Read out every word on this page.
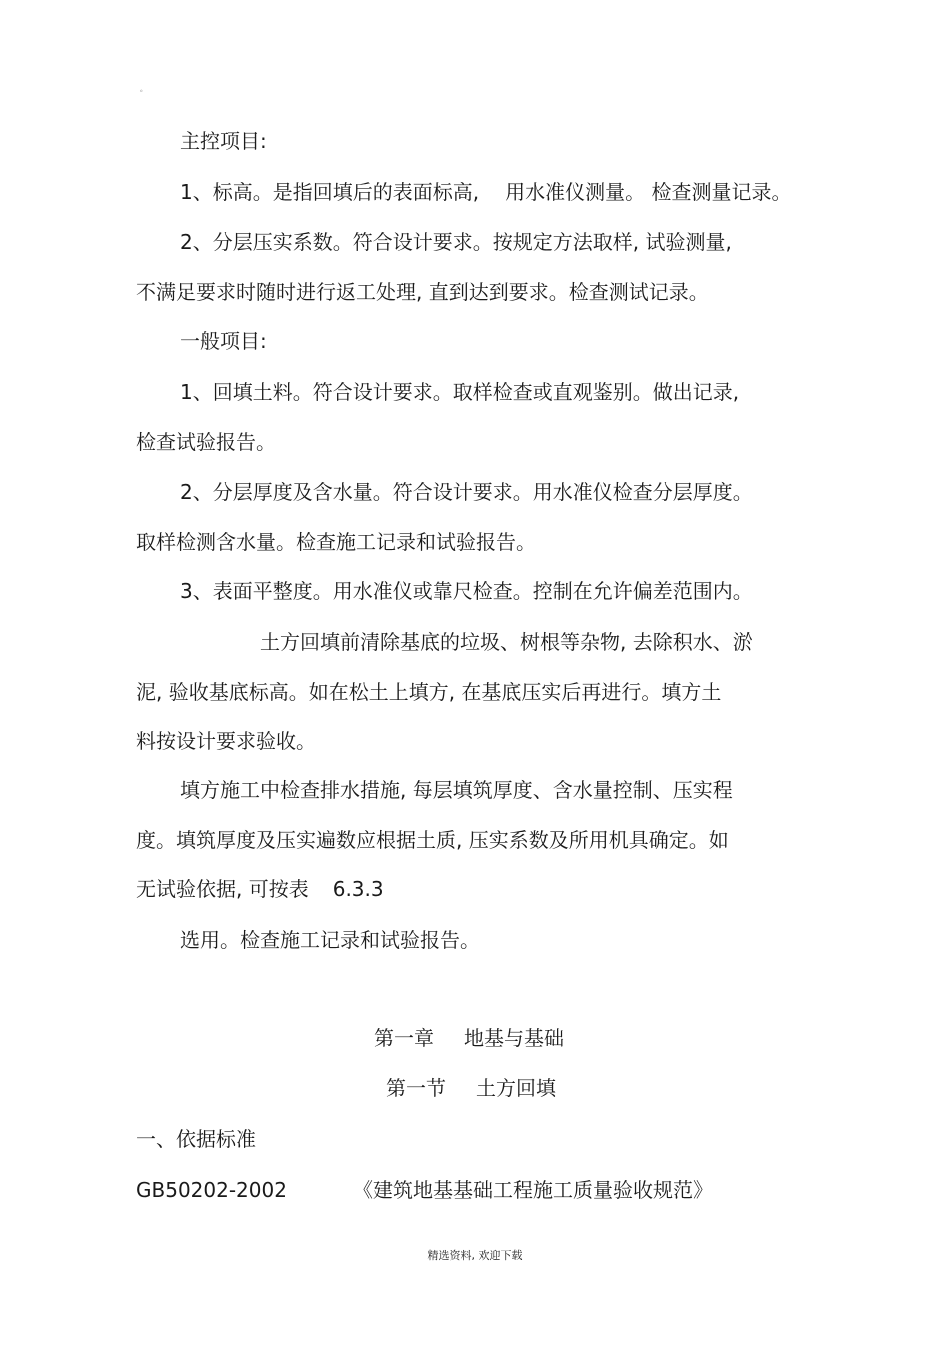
。
主控项目:
1、标高。是指回填后的表面标高, 用水准仪测量。 检查测量记录。
2、分层压实系数。符合设计要求。按规定方法取样, 试验测量,
不满足要求时随时进行返工处理, 直到达到要求。检查测试记录。
一般项目:
1、回填土料。符合设计要求。取样检查或直观鉴别。做出记录,
检查试验报告。
2、分层厚度及含水量。符合设计要求。用水准仪检查分层厚度。
取样检测含水量。检查施工记录和试验报告。
3、表面平整度。用水准仪或靠尺检查。控制在允许偏差范围内。
土方回填前清除基底的垃圾、树根等杂物, 去除积水、淤
泥, 验收基底标高。如在松土上填方, 在基底压实后再进行。填方土
料按设计要求验收。
填方施工中检查排水措施, 每层填筑厚度、含水量控制、压实程
度。填筑厚度及压实遍数应根据土质, 压实系数及所用机具确定。如
无试验依据, 可按表 6.3.3
选用。检查施工记录和试验报告。
第一章 地基与基础
第一节 土方回填
一、依据标准
GB50202-2002	《建筑地基基础工程施工质量验收规范》
精选资料, 欢迎下载
